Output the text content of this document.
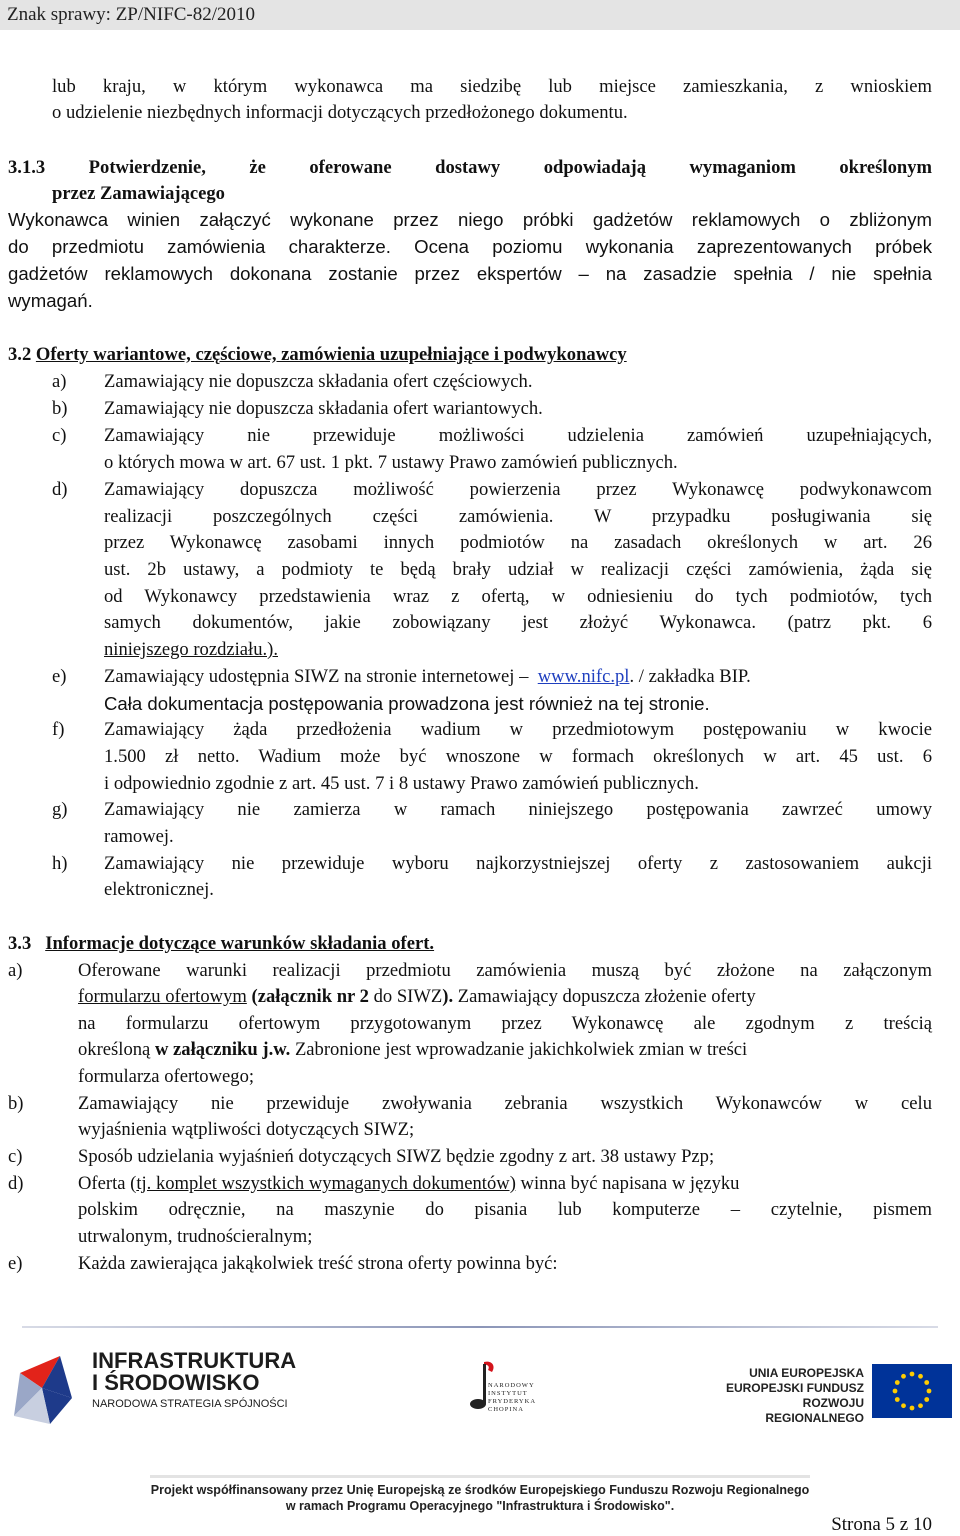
Znak sprawy: ZP/NIFC-82/2010
lub kraju, w którym wykonawca ma siedzibę lub miejsce zamieszkania, z wnioskiem
o udzielenie niezbędnych informacji dotyczących przedłożonego dokumentu.
3.1.3 Potwierdzenie, że oferowane dostawy odpowiadają wymaganiom określonym
przez Zamawiającego
Wykonawca winien załączyć wykonane przez niego próbki gadżetów reklamowych o zbliżonym
do przedmiotu zamówienia charakterze. Ocena poziomu wykonania zaprezentowanych próbek
gadżetów reklamowych dokonana zostanie przez ekspertów – na zasadzie spełnia / nie spełnia
wymagań.
3.2 Oferty wariantowe, częściowe, zamówienia uzupełniające i podwykonawcy
a) Zamawiający nie dopuszcza składania ofert częściowych.
b) Zamawiający nie dopuszcza składania ofert wariantowych.
c) Zamawiający nie przewiduje możliwości udzielenia zamówień uzupełniających,
o których mowa w art. 67 ust. 1 pkt. 7 ustawy Prawo zamówień publicznych.
d) Zamawiający dopuszcza możliwość powierzenia przez Wykonawcę podwykonawcom
realizacji poszczególnych części zamówienia. W przypadku posługiwania się
przez Wykonawcę zasobami innych podmiotów na zasadach określonych w art. 26
ust. 2b ustawy, a podmioty te będą brały udział w realizacji części zamówienia, żąda się
od Wykonawcy przedstawienia wraz z ofertą, w odniesieniu do tych podmiotów, tych
samych dokumentów, jakie zobowiązany jest złożyć Wykonawca. (patrz pkt. 6
niniejszego rozdziału.).
e) Zamawiający udostępnia SIWZ na stronie internetowej – www.nifc.pl. / zakładka BIP.
Cała dokumentacja postępowania prowadzona jest również na tej stronie.
f) Zamawiający żąda przedłożenia wadium w przedmiotowym postępowaniu w kwocie
1.500 zł netto. Wadium może być wnoszone w formach określonych w art. 45 ust. 6
i odpowiednio zgodnie z art. 45 ust. 7 i 8 ustawy Prawo zamówień publicznych.
g) Zamawiający nie zamierza w ramach niniejszego postępowania zawrzeć umowy
ramowej.
h) Zamawiający nie przewiduje wyboru najkorzystniejszej oferty z zastosowaniem aukcji
elektronicznej.
3.3 Informacje dotyczące warunków składania ofert.
a)	Oferowane warunki realizacji przedmiotu zamówienia muszą być złożone na załączonym
formularzu ofertowym (załącznik nr 2 do SIWZ). Zamawiający dopuszcza złożenie oferty
na formularzu ofertowym przygotowanym przez Wykonawcę ale zgodnym z treścią
określoną w załączniku j.w. Zabronione jest wprowadzanie jakichkolwiek zmian w treści
formularza ofertowego;
b)	Zamawiający nie przewiduje zwoływania zebrania wszystkich Wykonawców w celu
wyjaśnienia wątpliwości dotyczących SIWZ;
c)	Sposób udzielania wyjaśnień dotyczących SIWZ będzie zgodny z art. 38 ustawy Pzp;
d)	Oferta (tj. komplet wszystkich wymaganych dokumentów) winna być napisana w języku
polskim odręcznie, na maszynie do pisania lub komputerze – czytelnie, pismem
utrwalonym, trudnościeralnym;
e)	Każda zawierająca jakąkolwiek treść strona oferty powinna być:
INFRASTRUKTURA
I ŚRODOWISKO
NARODOWA STRATEGIA SPÓJNOŚCI
NARODOWY
INSTYTUT
FRYDERYKA
CHOPINA
UNIA EUROPEJSKA
EUROPEJSKI FUNDUSZ
ROZWOJU REGIONALNEGO
Projekt współfinansowany przez Unię Europejską ze środków Europejskiego Funduszu Rozwoju Regionalnego
w ramach Programu Operacyjnego "Infrastruktura i Środowisko".
Strona 5 z 10
